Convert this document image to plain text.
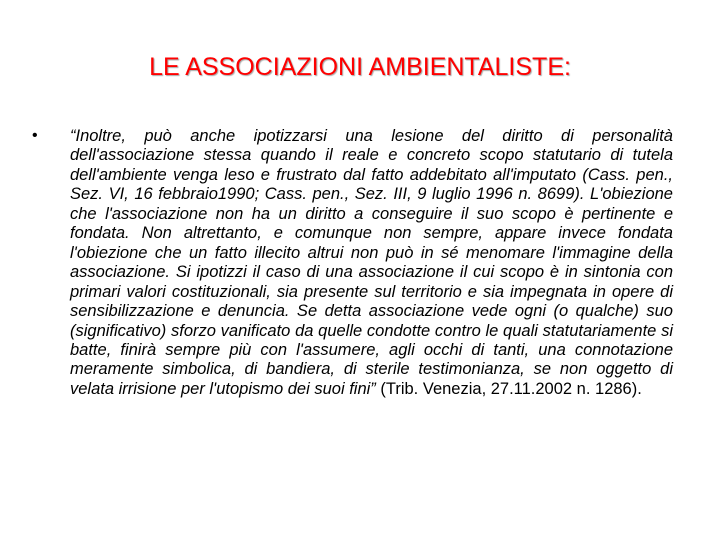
LE ASSOCIAZIONI AMBIENTALISTE:
• “Inoltre, può anche ipotizzarsi una lesione del diritto di personalità dell'associazione stessa quando il reale e concreto scopo statutario di tutela dell'ambiente venga leso e frustrato dal fatto addebitato all'imputato (Cass. pen., Sez. VI, 16 febbraio1990; Cass. pen., Sez. III, 9 luglio 1996 n. 8699). L'obiezione che l'associazione non ha un diritto a conseguire il suo scopo è pertinente e fondata. Non altrettanto, e comunque non sempre, appare invece fondata l'obiezione che un fatto illecito altrui non può in sé menomare l'immagine della associazione. Si ipotizzi il caso di una associazione il cui scopo è in sintonia con primari valori costituzionali, sia presente sul territorio e sia impegnata in opere di sensibilizzazione e denuncia. Se detta associazione vede ogni (o qualche) suo (significativo) sforzo vanificato da quelle condotte contro le quali statutariamente si batte, finirà sempre più con l'assumere, agli occhi di tanti, una connotazione meramente simbolica, di bandiera, di sterile testimonianza, se non oggetto di velata irrisione per l'utopismo dei suoi fini” (Trib. Venezia, 27.11.2002 n. 1286).
